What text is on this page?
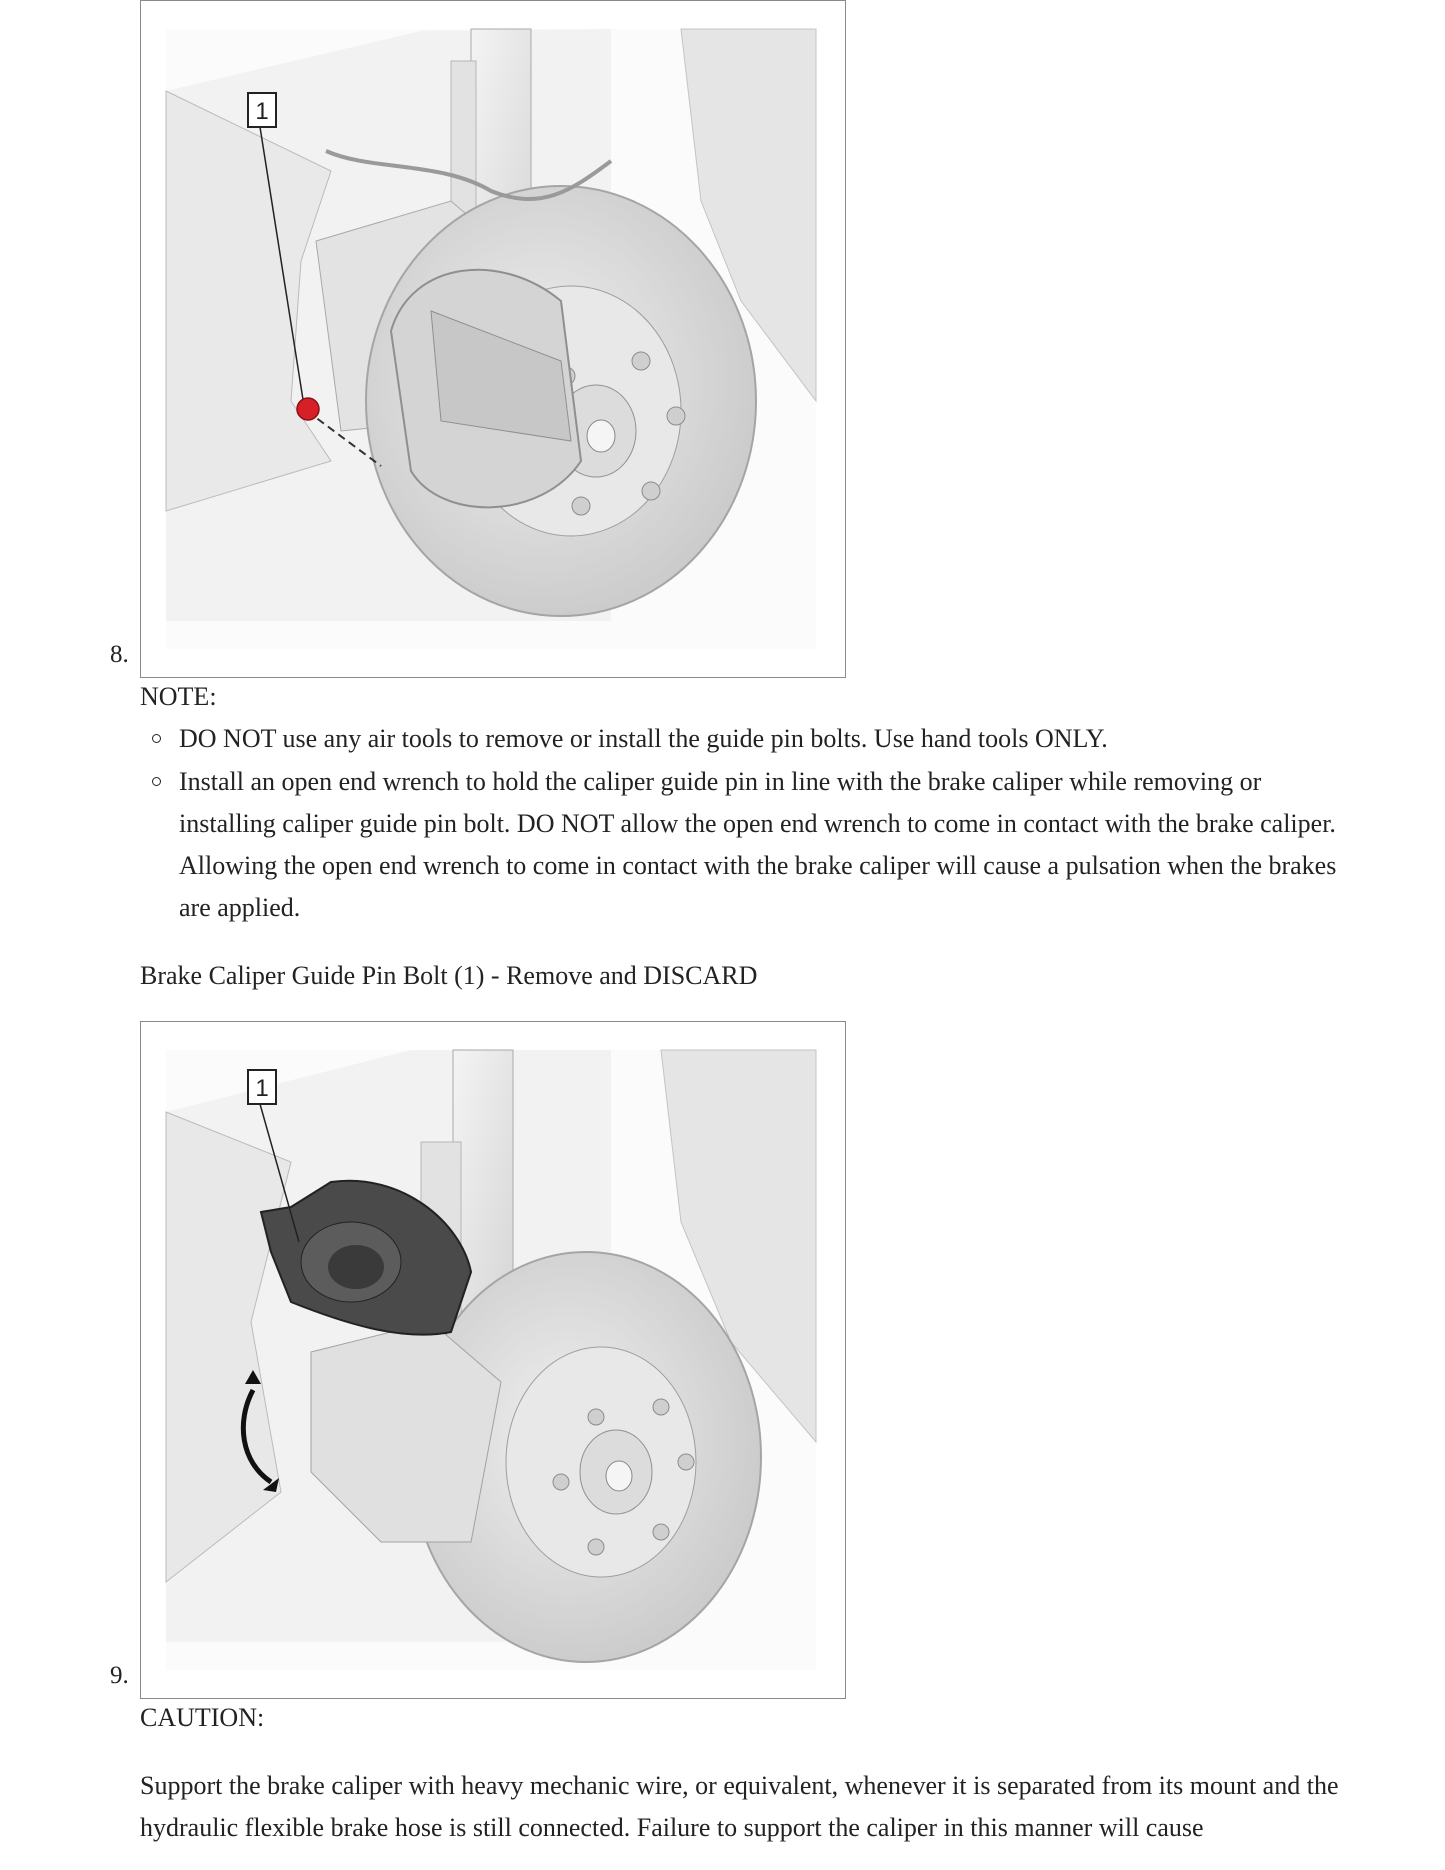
1
8.
NOTE:
DO NOT use any air tools to remove or install the guide pin bolts. Use hand tools ONLY.
Install an open end wrench to hold the caliper guide pin in line with the brake caliper while removing or installing caliper guide pin bolt. DO NOT allow the open end wrench to come in contact with the brake caliper. Allowing the open end wrench to come in contact with the brake caliper will cause a pulsation when the brakes are applied.
Brake Caliper Guide Pin Bolt (1) - Remove and DISCARD
1
9.
CAUTION:
Support the brake caliper with heavy mechanic wire, or equivalent, whenever it is separated from its mount and the hydraulic flexible brake hose is still connected. Failure to support the caliper in this manner will cause
